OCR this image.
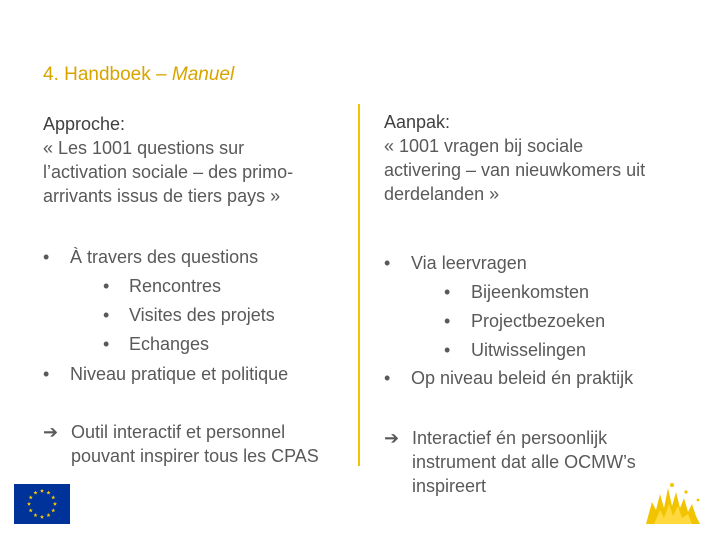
4. Handboek – Manuel
Approche:
« Les 1001 questions sur
l’activation sociale – des primo-
arrivants issus de tiers pays »
• À travers des questions
• Rencontres
• Visites des projets
• Echanges
• Niveau pratique et politique
➔ Outil interactif et personnel
pouvant inspirer tous les CPAS
Aanpak:
« 1001 vragen bij sociale
activering – van nieuwkomers uit
derdelanden »
• Via leervragen
• Bijeenkomsten
• Projectbezoeken
• Uitwisselingen
• Op niveau beleid én praktijk
➔ Interactief én persoonlijk
instrument dat alle OCMW’s
inspireert
